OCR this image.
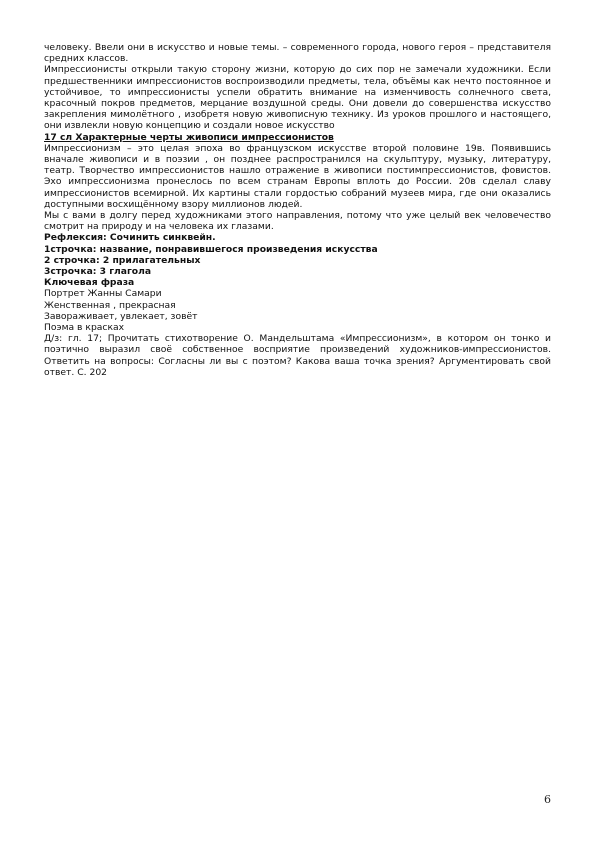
человеку. Ввели они в искусство и новые темы. – современного города, нового героя – представителя средних классов.

Импрессионисты открыли такую сторону жизни, которую до сих пор не замечали художники. Если предшественники импрессионистов воспроизводили предметы, тела, объёмы как нечто постоянное и устойчивое, то импрессионисты успели обратить внимание на изменчивость солнечного света, красочный покров предметов, мерцание воздушной среды. Они довели до совершенства искусство закрепления мимолётного , изобретя новую живописную технику. Из уроков прошлого и настоящего, они извлекли новую концепцию и создали новое искусство

17 сл Характерные черты живописи импрессионистов

Импрессионизм – это целая эпоха во французском искусстве второй половине 19в. Появившись вначале живописи и в поэзии , он позднее распространился на скульптуру, музыку, литературу, театр. Творчество импрессионистов нашло отражение в живописи постимпрессионистов, фовистов. Эхо импрессионизма пронеслось по всем странам Европы вплоть до России. 20в сделал славу импрессионистов всемирной. Их картины стали гордостью собраний музеев мира, где они оказались доступными восхищённому взору миллионов людей.

Мы с вами в долгу перед художниками этого направления, потому что уже целый век человечество смотрит на природу и на человека их глазами.

Рефлексия: Сочинить синквейн.

1строчка: название, понравившегося произведения искусства

2 строчка: 2 прилагательных

3строчка: 3 глагола

Ключевая фраза

Портрет Жанны Самари

Женственная , прекрасная

Завораживает, увлекает, зовёт

Поэма в красках

Д/з: гл. 17; Прочитать стихотворение О. Мандельштама «Импрессионизм», в котором он тонко и поэтично выразил своё собственное восприятие произведений художников-импрессионистов. Ответить на вопросы: Согласны ли вы с поэтом? Какова ваша точка зрения? Аргументировать свой ответ. С. 202

6
